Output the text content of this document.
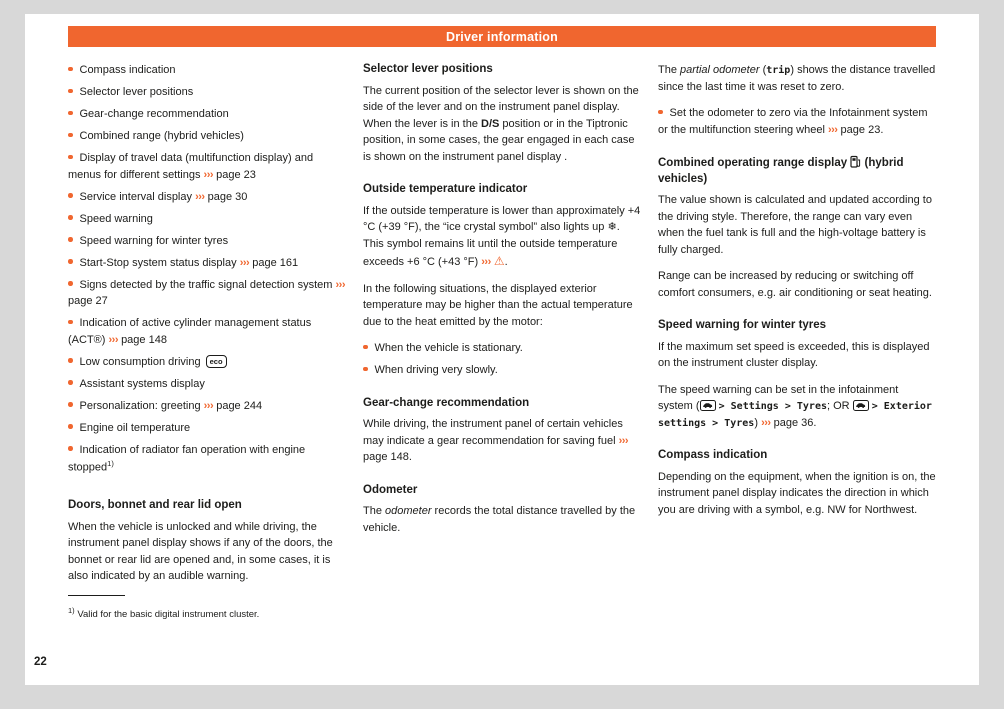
Driver information
Compass indication
Selector lever positions
Gear-change recommendation
Combined range (hybrid vehicles)
Display of travel data (multifunction display) and menus for different settings ››› page 23
Service interval display ››› page 30
Speed warning
Speed warning for winter tyres
Start-Stop system status display ››› page 161
Signs detected by the traffic signal detection system ››› page 27
Indication of active cylinder management status (ACT®) ››› page 148
Low consumption driving eco
Assistant systems display
Personalization: greeting ››› page 244
Engine oil temperature
Indication of radiator fan operation with engine stopped$^{1)}$
Doors, bonnet and rear lid open

When the vehicle is unlocked and while driving, the instrument panel display shows if any of the doors, the bonnet or rear lid are opened and, in some cases, it is also indicated by an audible warning.

$^{1)}$ Valid for the basic digital instrument cluster.

Selector lever positions

The current position of the selector lever is shown on the side of the lever and on the instrument panel display. When the lever is in the D/S position or in the Tiptronic position, in some cases, the gear engaged in each case is shown on the instrument panel display .

Outside temperature indicator

If the outside temperature is lower than approximately +4 °C (+39 °F), the “ice crystal symbol” also lights up ❄. This symbol remains lit until the outside temperature exceeds +6 °C (+43 °F) ››› ⚠.

In the following situations, the displayed exterior temperature may be higher than the actual temperature due to the heat emitted by the motor:

When the vehicle is stationary.
When driving very slowly.
Gear-change recommendation

While driving, the instrument panel of certain vehicles may indicate a gear recommendation for saving fuel ››› page 148.

Odometer

The odometer records the total distance travelled by the vehicle.

The partial odometer (trip) shows the distance travelled since the last time it was reset to zero.

Set the odometer to zero via the Infotainment system or the multifunction steering wheel ››› page 23.
Combined operating range display (hybrid vehicles)

The value shown is calculated and updated according to the driving style. Therefore, the range can vary even when the fuel tank is full and the high-voltage battery is fully charged.

Range can be increased by reducing or switching off comfort consumers, e.g. air conditioning or seat heating.

Speed warning for winter tyres

If the maximum set speed is exceeded, this is displayed on the instrument cluster display.

The speed warning can be set in the infotainment system ( > Settings > Tyres; OR  > Exterior settings > Tyres) ››› page 36.

Compass indication

Depending on the equipment, when the ignition is on, the instrument panel display indicates the direction in which you are driving with a symbol, e.g. NW for Northwest.

22
